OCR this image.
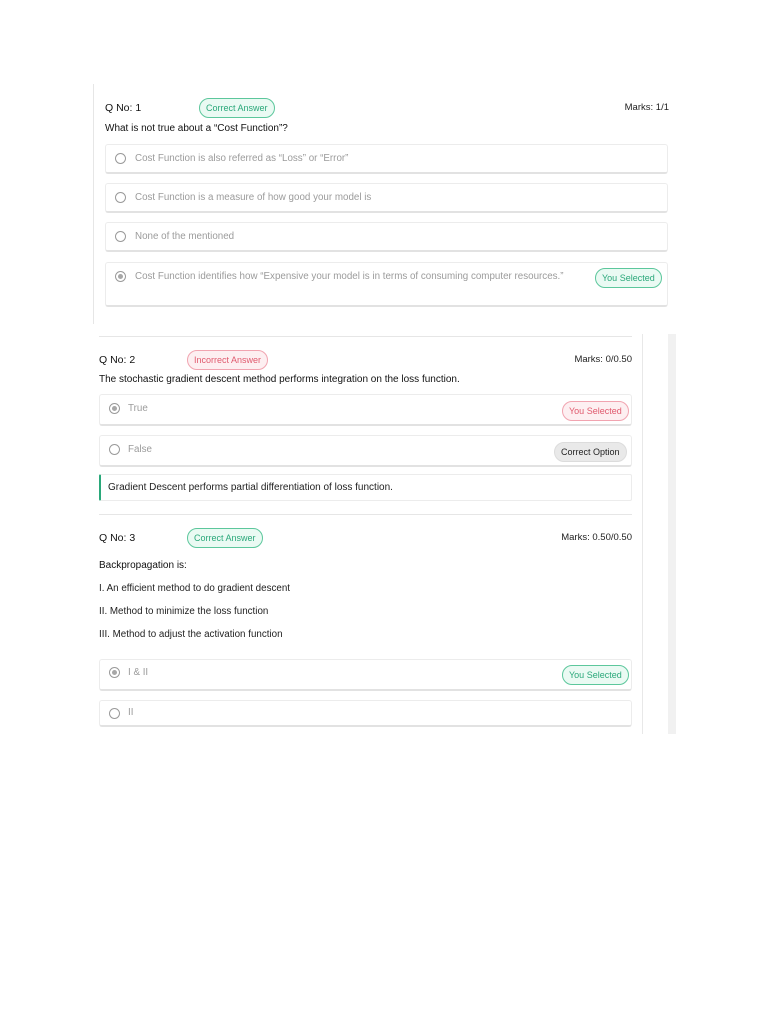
Q No: 1	Correct Answer	Marks: 1/1
What is not true about a “Cost Function”?
Cost Function is also referred as “Loss” or “Error”
Cost Function is a measure of how good your model is
None of the mentioned
Cost Function identifies how “Expensive your model is in terms of consuming computer resources.”	You Selected
Q No: 2	Incorrect Answer	Marks: 0/0.50
The stochastic gradient descent method performs integration on the loss function.
True	You Selected
False	Correct Option
Gradient Descent performs partial differentiation of loss function.
Q No: 3	Correct Answer	Marks: 0.50/0.50
Backpropagation is:
I. An efficient method to do gradient descent
II. Method to minimize the loss function
III. Method to adjust the activation function
I & II	You Selected
II
